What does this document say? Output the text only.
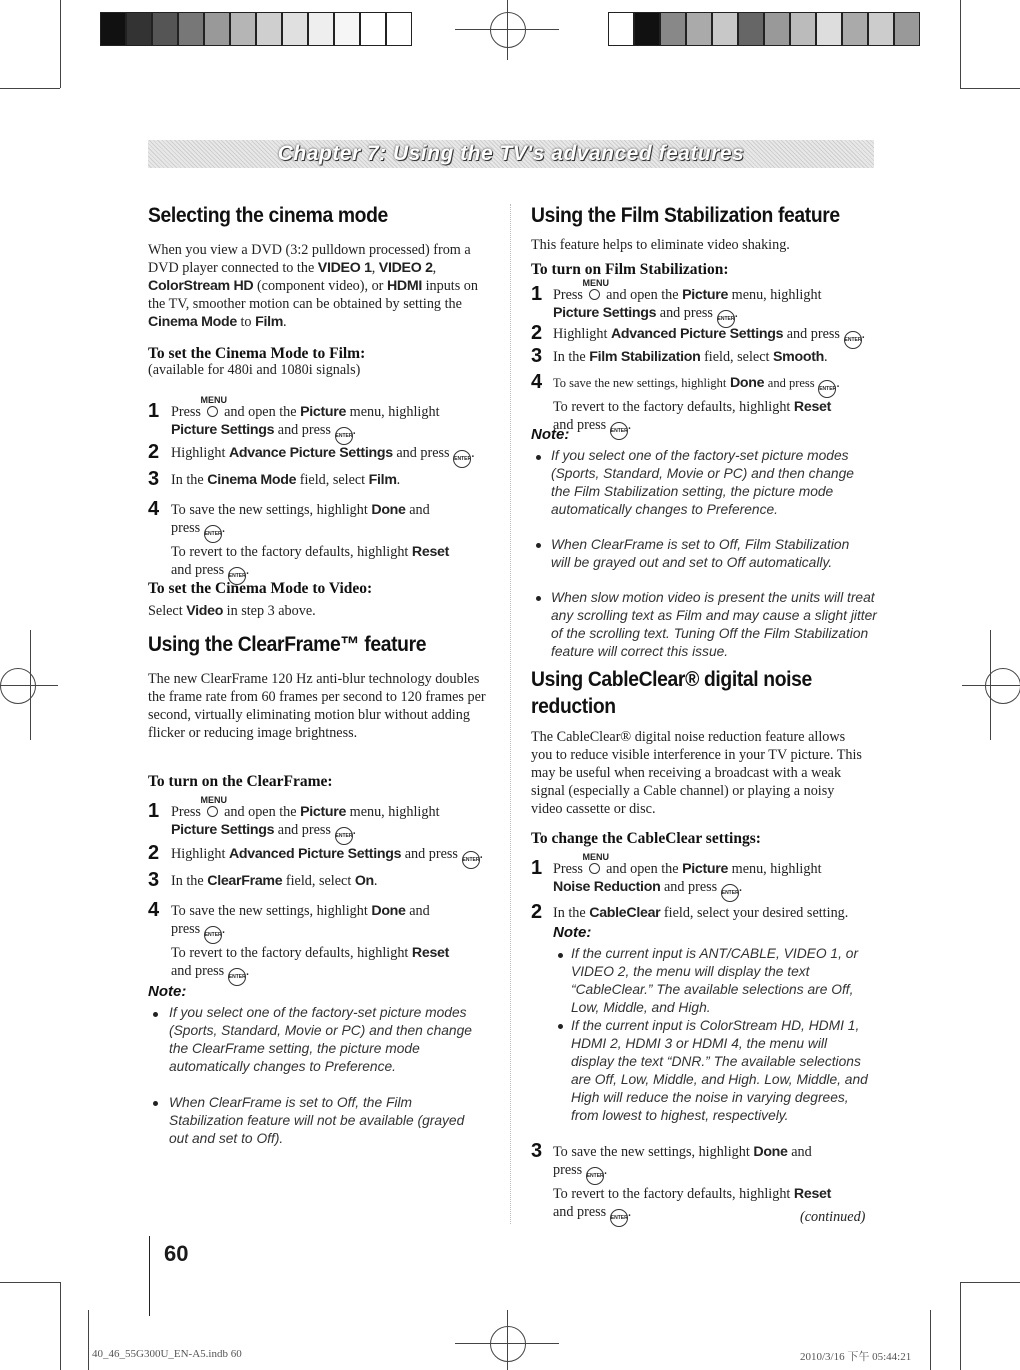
Chapter 7: Using the TV's advanced features
Selecting the cinema mode
When you view a DVD (3:2 pulldown processed) from a DVD player connected to the VIDEO 1, VIDEO 2, ColorStream HD (component video), or HDMI inputs on the TV, smoother motion can be obtained by setting the Cinema Mode to Film.
To set the Cinema Mode to Film:
(available for 480i and 1080i signals)
1 Press
MENU
and open the Picture menu, highlight
Picture Settings and press ENTER.
2 Highlight Advance Picture Settings and press ENTER.
3 In the Cinema Mode field, select Film.
4 To save the new settings, highlight Done and
press ENTER.
To revert to the factory defaults, highlight Reset
and press ENTER.
To set the Cinema Mode to Video:
Select Video in step 3 above.
Using the ClearFrame™ feature
The new ClearFrame 120 Hz anti-blur technology doubles the frame rate from 60 frames per second to 120 frames per second, virtually eliminating motion blur without adding flicker or reducing image brightness.
To turn on the ClearFrame:
1 Press
MENU
and open the Picture menu, highlight
Picture Settings and press ENTER.
2 Highlight Advanced Picture Settings and press ENTER.
3 In the ClearFrame field, select On.
4 To save the new settings, highlight Done and
press ENTER.
To revert to the factory defaults, highlight Reset
and press ENTER.
Note:
If you select one of the factory-set picture modes (Sports, Standard, Movie or PC) and then change the ClearFrame setting, the picture mode automatically changes to Preference.
When ClearFrame is set to Off, the Film Stabilization feature will not be available (grayed out and set to Off).
Using the Film Stabilization feature
This feature helps to eliminate video shaking.
To turn on Film Stabilization:
1 Press
MENU
and open the Picture menu, highlight
Picture Settings and press ENTER.
2 Highlight Advanced Picture Settings and press ENTER.
3 In the Film Stabilization field, select Smooth.
4 To save the new settings, highlight Done and press ENTER.
To revert to the factory defaults, highlight Reset
and press ENTER.
Note:
If you select one of the factory-set picture modes (Sports, Standard, Movie or PC) and then change the Film Stabilization setting, the picture mode automatically changes to Preference.
When ClearFrame is set to Off, Film Stabilization will be grayed out and set to Off automatically.
When slow motion video is present the units will treat any scrolling text as Film and may cause a slight jitter of the scrolling text. Tuning Off the Film Stabilization feature will correct this issue.
Using CableClear® digital noise
reduction
The CableClear® digital noise reduction feature allows you to reduce visible interference in your TV picture. This may be useful when receiving a broadcast with a weak signal (especially a Cable channel) or playing a noisy video cassette or disc.
To change the CableClear settings:
1 Press
MENU
and open the Picture menu, highlight
Noise Reduction and press ENTER.
2 In the CableClear field, select your desired setting.
Note:
If the current input is ANT/CABLE, VIDEO 1, or VIDEO 2, the menu will display the text “CableClear.” The available selections are Off, Low, Middle, and High.
If the current input is ColorStream HD, HDMI 1, HDMI 2, HDMI 3 or HDMI 4, the menu will display the text “DNR.” The available selections are Off, Low, Middle, and High. Low, Middle, and High will reduce the noise in varying degrees, from lowest to highest, respectively.
3 To save the new settings, highlight Done and
press ENTER.
To revert to the factory defaults, highlight Reset
and press ENTER.	(continued)
60
40_46_55G300U_EN-A5.indb 60	2010/3/16 下午 05:44:21
